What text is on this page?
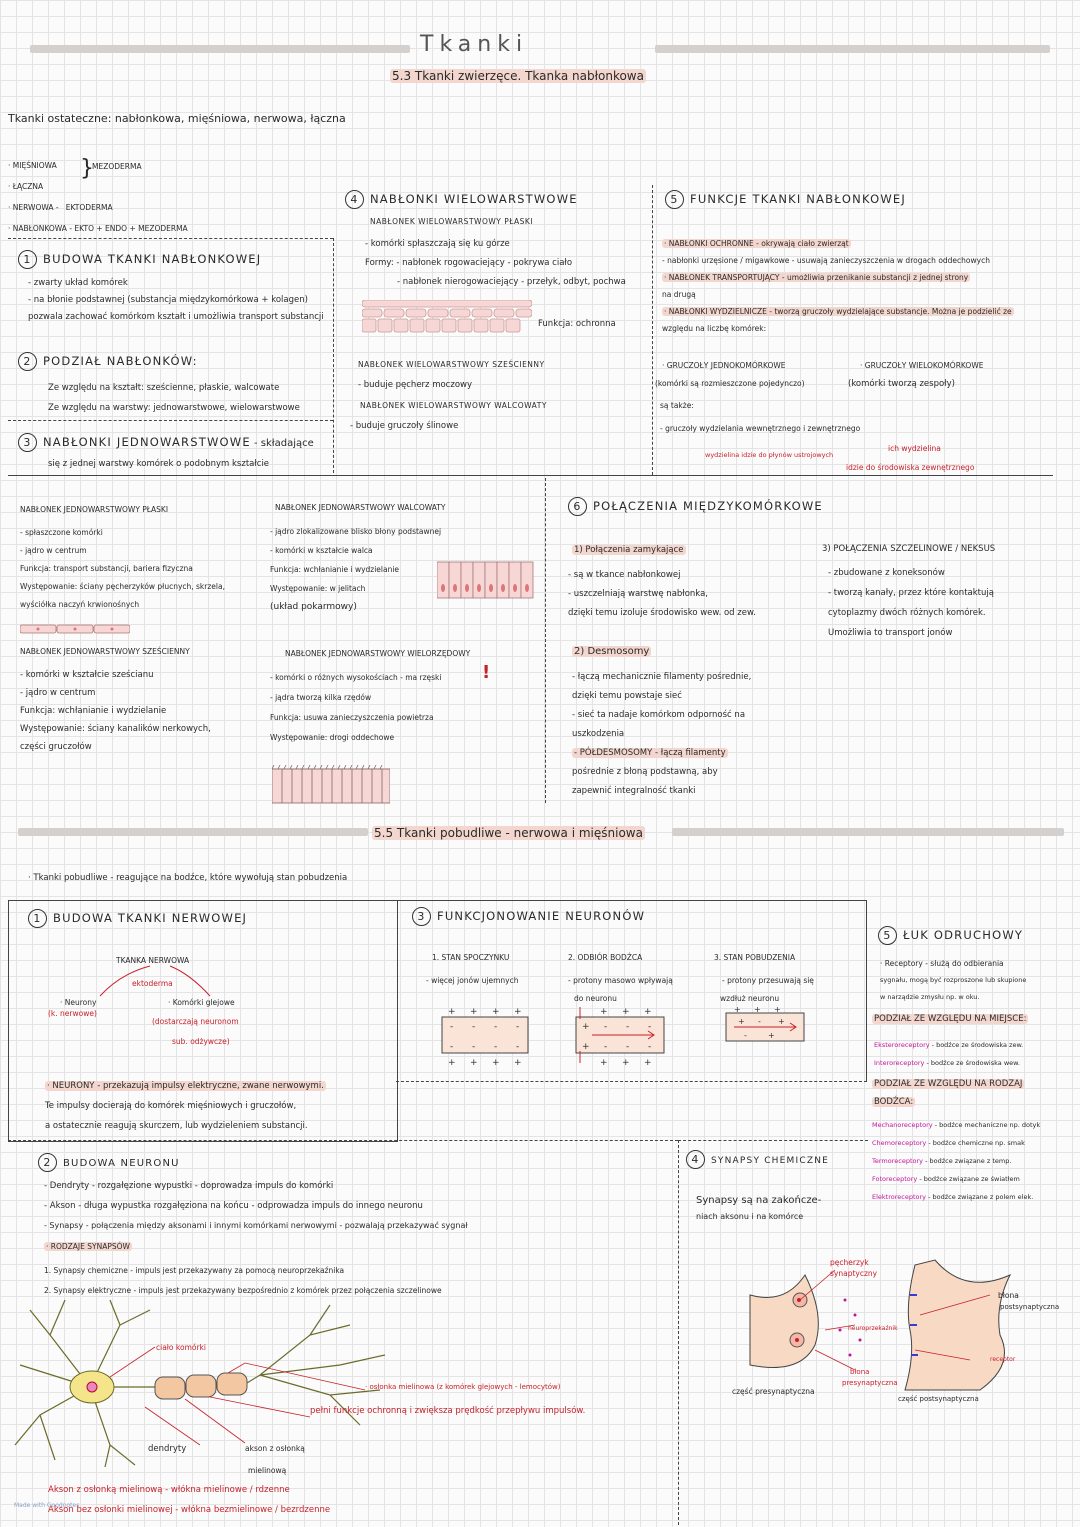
Tkanki
5.3 Tkanki zwierzęce. Tkanka nabłonkowa
Tkanki ostateczne: nabłonkowa, mięśniowa, nerwowa, łączna
· MIĘŚNIOWA
· ŁĄCZNA
· NERWOWA - EKTODERMA
· NABŁONKOWA - EKTO + ENDO + MEZODERMA
}
MEZODERMA
1 BUDOWA TKANKI NABŁONKOWEJ
- zwarty układ komórek
- na błonie podstawnej (substancja międzykomórkowa + kolagen)
pozwala zachować komórkom kształt i umożliwia transport substancji
2 PODZIAŁ NABŁONKÓW:
Ze względu na kształt: sześcienne, płaskie, walcowate
Ze względu na warstwy: jednowarstwowe, wielowarstwowe
3 NABŁONKI JEDNOWARSTWOWE - składające
się z jednej warstwy komórek o podobnym kształcie
4 NABŁONKI WIELOWARSTWOWE
NABŁONEK WIELOWARSTWOWY PŁASKI
- komórki spłaszczają się ku górze
Formy: - nabłonek rogowaciejący - pokrywa ciało
- nabłonek nierogowaciejący - przełyk, odbyt, pochwa
Funkcja: ochronna
NABŁONEK WIELOWARSTWOWY SZEŚCIENNY
- buduje pęcherz moczowy
NABŁONEK WIELOWARSTWOWY WALCOWATY
- buduje gruczoły ślinowe
5 FUNKCJE TKANKI NABŁONKOWEJ
· NABŁONKI OCHRONNE - okrywają ciało zwierząt
- nabłonki urzęsione / migawkowe - usuwają zanieczyszczenia w drogach oddechowych
· NABŁONEK TRANSPORTUJĄCY - umożliwia przenikanie substancji z jednej strony
na drugą
· NABŁONKI WYDZIELNICZE - tworzą gruczoły wydzielające substancje. Można je podzielić ze
względu na liczbę komórek:
· GRUCZOŁY JEDNOKOMÓRKOWE
(komórki są rozmieszczone pojedynczo)
· GRUCZOŁY WIELOKOMÓRKOWE
(komórki tworzą zespoły)
są także:
- gruczoły wydzielania wewnętrznego i zewnętrznego
wydzielina idzie do płynów ustrojowych
ich wydzielina
idzie do środowiska zewnętrznego
NABŁONEK JEDNOWARSTWOWY PŁASKI
- spłaszczone komórki
- jądro w centrum
Funkcja: transport substancji, bariera fizyczna
Występowanie: ściany pęcherzyków płucnych, skrzela,
wyściółka naczyń krwionośnych
NABŁONEK JEDNOWARSTWOWY SZEŚCIENNY
- komórki w kształcie sześcianu
- jądro w centrum
Funkcja: wchłanianie i wydzielanie
Występowanie: ściany kanalików nerkowych,
części gruczołów
NABŁONEK JEDNOWARSTWOWY WALCOWATY
- jądro zlokalizowane blisko błony podstawnej
- komórki w kształcie walca
Funkcja: wchłanianie i wydzielanie
Występowanie: w jelitach
(układ pokarmowy)
NABŁONEK JEDNOWARSTWOWY WIELORZĘDOWY
- komórki o różnych wysokościach - ma rzęski
- jądra tworzą kilka rzędów
Funkcja: usuwa zanieczyszczenia powietrza
Występowanie: drogi oddechowe
!
6 POŁĄCZENIA MIĘDZYKOMÓRKOWE
1) Połączenia zamykające
- są w tkance nabłonkowej
- uszczelniają warstwę nabłonka,
dzięki temu izoluje środowisko wew. od zew.
2) Desmosomy
- łączą mechanicznie filamenty pośrednie,
dzięki temu powstaje sieć
- sieć ta nadaje komórkom odporność na
uszkodzenia
- PÓŁDESMOSOMY - łączą filamenty
pośrednie z błoną podstawną, aby
zapewnić integralność tkanki
3) POŁĄCZENIA SZCZELINOWE / NEKSUS
- zbudowane z koneksonów
- tworzą kanały, przez które kontaktują
cytoplazmy dwóch różnych komórek.
Umożliwia to transport jonów
5.5 Tkanki pobudliwe - nerwowa i mięśniowa
· Tkanki pobudliwe - reagujące na bodźce, które wywołują stan pobudzenia
1 BUDOWA TKANKI NERWOWEJ
TKANKA NERWOWA
ektoderma
· Neurony
(k. nerwowe)
· Komórki glejowe
(dostarczają neuronom
sub. odżywcze)
· NEURONY - przekazują impulsy elektryczne, zwane nerwowymi.
Te impulsy docierają do komórek mięśniowych i gruczołów,
a ostatecznie reagują skurczem, lub wydzieleniem substancji.
3 FUNKCJONOWANIE NEURONÓW
1. STAN SPOCZYNKU
- więcej jonów ujemnych
2. ODBIÓR BODŹCA
- protony masowo wpływają
do neuronu
3. STAN POBUDZENIA
- protony przesuwają się
wzdłuż neuronu
+ + + +
+ + + +
- - - -
- - - -
+ + +
+ + +
+
+
- - -
- - -
+ + +
+ - +
-	+
5 ŁUK ODRUCHOWY
· Receptory - służą do odbierania
sygnału, mogą być rozproszone lub skupione
w narządzie zmysłu np. w oku.
PODZIAŁ ZE WZGLĘDU NA MIEJSCE:
Eksteroreceptory - bodźce ze środowiska zew.
Interoreceptory - bodźce ze środowiska wew.
PODZIAŁ ZE WZGLĘDU NA RODZAJ
BODŹCA:
Mechanoreceptory - bodźce mechaniczne np. dotyk
Chemoreceptory - bodźce chemiczne np. smak
Termoreceptory - bodźce związane z temp.
Fotoreceptory - bodźce związane ze światłem
Elektroreceptory - bodźce związane z polem elek.
2 BUDOWA NEURONU
- Dendryty - rozgałęzione wypustki - doprowadza impuls do komórki
- Akson - długa wypustka rozgałęziona na końcu - odprowadza impuls do innego neuronu
- Synapsy - połączenia między aksonami i innymi komórkami nerwowymi - pozwalają przekazywać sygnał
· RODZAJE SYNAPSÓW
1. Synapsy chemiczne - impuls jest przekazywany za pomocą neuroprzekaźnika
2. Synapsy elektryczne - impuls jest przekazywany bezpośrednio z komórek przez połączenia szczelinowe
ciało komórki
· osłonka mielinowa (z komórek glejowych - lemocytów)
pełni funkcje ochronną i zwiększa prędkość przepływu impulsów.
dendryty	akson z osłonką
mielinową
Akson z osłonką mielinową - włókna mielinowe / rdzenne
Akson bez osłonki mielinowej - włókna bezmielinowe / bezrdzenne
Made with Goodnotes
4 SYNAPSY CHEMICZNE
Synapsy są na zakończe-
niach aksonu i na komórce
pęcherzyk
synaptyczny
neuroprzekaźnik
błona
presynaptyczna
błona
postsynaptyczna
receptor
część presynaptyczna
część postsynaptyczna
